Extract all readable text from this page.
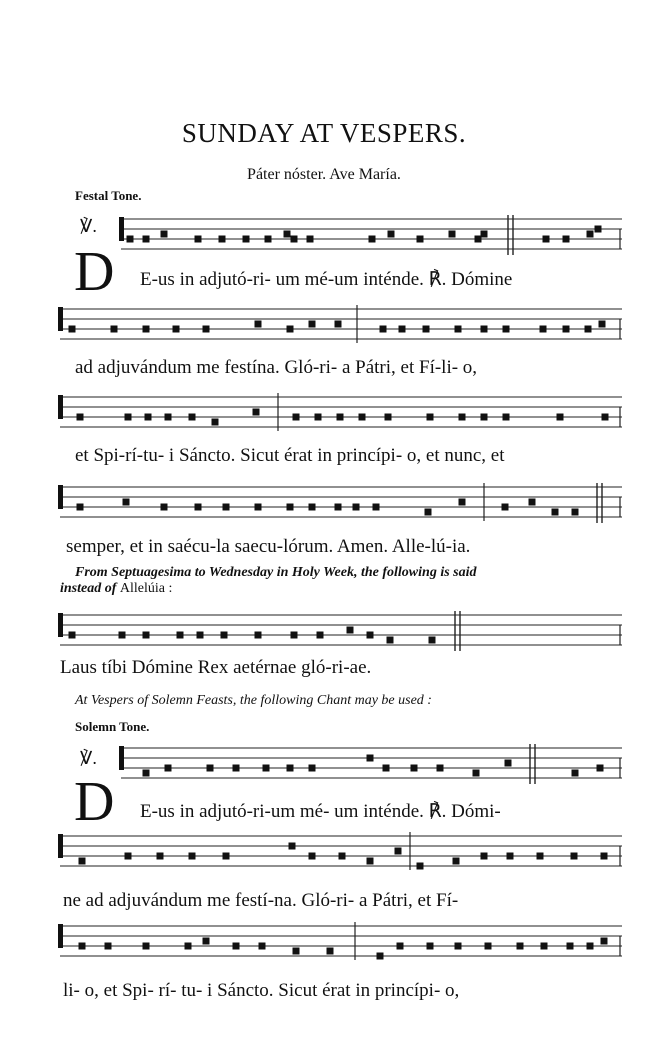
SUNDAY AT VESPERS.
Páter nóster. Ave María.
Festal Tone.
℣.
D E-us in adjutó-ri- um mé-um inténde. ℟. Dómine
ad adjuvándum me festína. Gló-ri- a Pátri, et Fí-li- o,
et Spi-rí-tu- i Sáncto. Sicut érat in princípi- o, et nunc, et
semper, et in saécu-la saecu-lórum. Amen. Alle-lú-ia.
From Septuagesima to Wednesday in Holy Week, the following is said
instead of Allelúia :
Laus tíbi Dómine Rex aetérnae gló-ri-ae.
At Vespers of Solemn Feasts, the following Chant may be used :
Solemn Tone.
℣.
D E-us in adjutó-ri-um mé- um inténde. ℟. Dómi-
ne ad adjuvándum me festí-na. Gló-ri- a Pátri, et Fí-
li- o, et Spi- rí- tu- i Sáncto. Sicut érat in princípi- o,
